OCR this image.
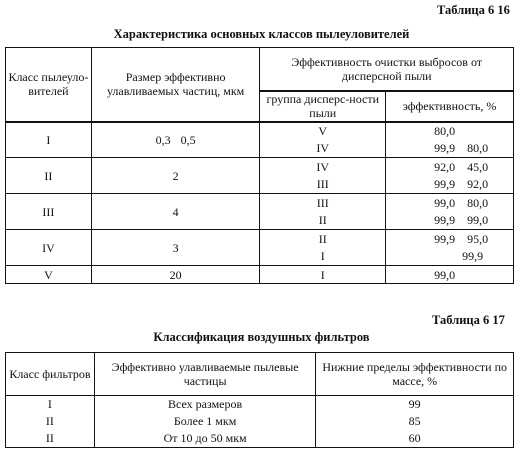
Таблица 6 16
Характеристика основных классов пылеуловителей
Класс пылеуло-вителей	Размер эффективно улавливаемых частиц, мкм	Эффективность очистки выбросов от дисперсной пыли	
		группа дисперс-ности пыли	эффективность, %
I	0,3 0,5	V	80,0
		IV	99,9 80,0
II	2	IV	92,0 45,0
		III	99,9 92,0
III	4	III	99,0 80,0
		II	99,9 99,0
IV	3	II	99,9 95,0
		I	99,9
V	20	I	99,0
Таблица 6 17
Классификация воздушных фильтров
Класс фильтров	Эффективно улавливаемые пылевые частицы	Нижние пределы эффективности по массе, %
I	Всех размеров	99
II	Более 1 мкм	85
II	От 10 до 50 мкм	60
